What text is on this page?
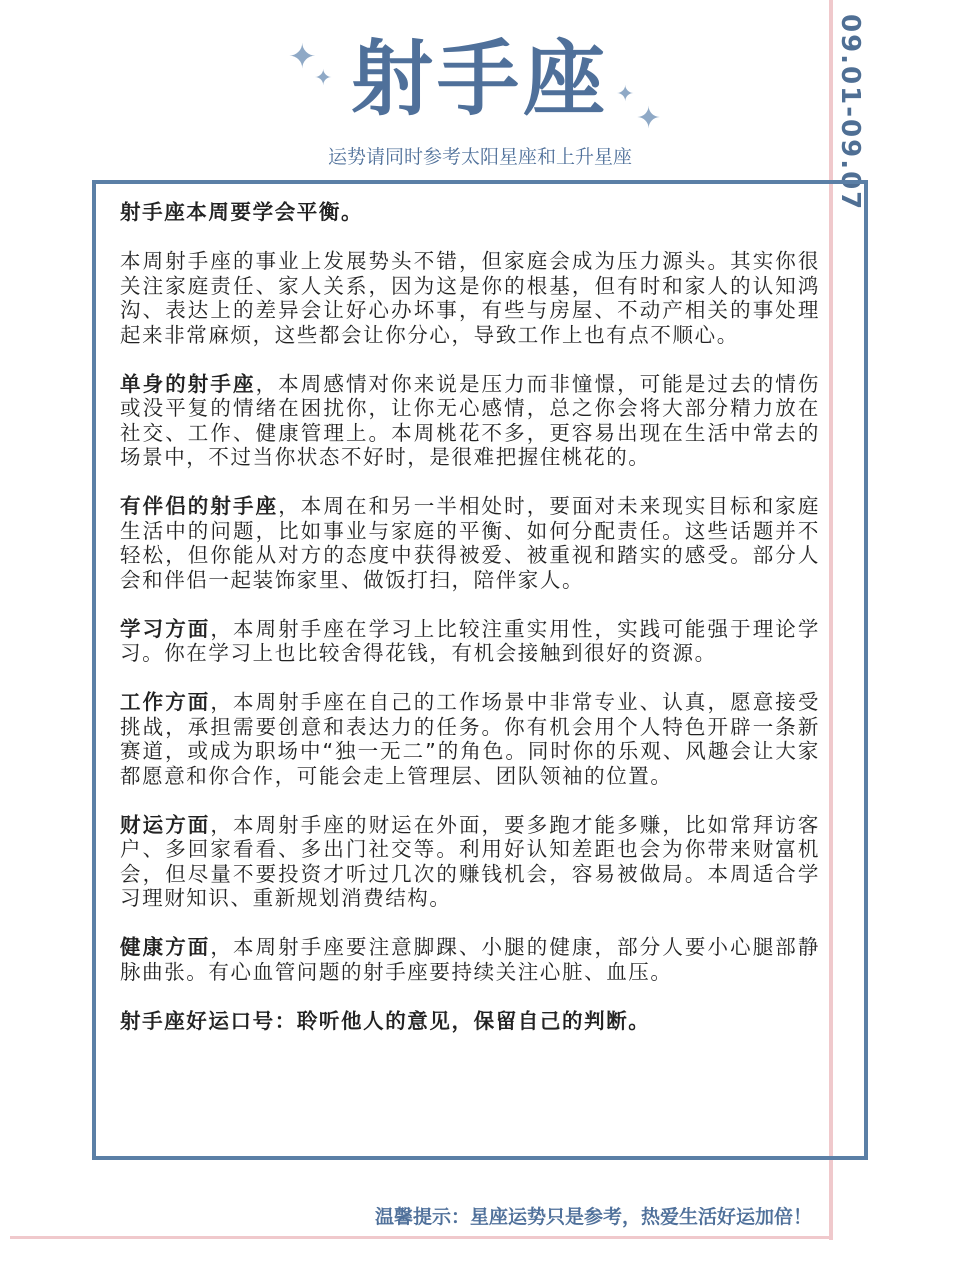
09.01-09.07
✦
✦
✦
✦
射手座
运势请同时参考太阳星座和上升星座

射手座本周要学会平衡。

本周射手座的事业上发展势头不错，但家庭会成为压力源头。其实你很关注家庭责任、家人关系，因为这是你的根基，但有时和家人的认知鸿沟、表达上的差异会让好心办坏事，有些与房屋、不动产相关的事处理起来非常麻烦，这些都会让你分心，导致工作上也有点不顺心。

单身的射手座，本周感情对你来说是压力而非憧憬，可能是过去的情伤或没平复的情绪在困扰你，让你无心感情，总之你会将大部分精力放在社交、工作、健康管理上。本周桃花不多，更容易出现在生活中常去的场景中，不过当你状态不好时，是很难把握住桃花的。

有伴侣的射手座，本周在和另一半相处时，要面对未来现实目标和家庭生活中的问题，比如事业与家庭的平衡、如何分配责任。这些话题并不轻松，但你能从对方的态度中获得被爱、被重视和踏实的感受。部分人会和伴侣一起装饰家里、做饭打扫，陪伴家人。

学习方面，本周射手座在学习上比较注重实用性，实践可能强于理论学习。你在学习上也比较舍得花钱，有机会接触到很好的资源。

工作方面，本周射手座在自己的工作场景中非常专业、认真，愿意接受挑战，承担需要创意和表达力的任务。你有机会用个人特色开辟一条新赛道，或成为职场中“独一无二”的角色。同时你的乐观、风趣会让大家都愿意和你合作，可能会走上管理层、团队领袖的位置。

财运方面，本周射手座的财运在外面，要多跑才能多赚，比如常拜访客户、多回家看看、多出门社交等。利用好认知差距也会为你带来财富机会，但尽量不要投资才听过几次的赚钱机会，容易被做局。本周适合学习理财知识、重新规划消费结构。

健康方面，本周射手座要注意脚踝、小腿的健康，部分人要小心腿部静脉曲张。有心血管问题的射手座要持续关注心脏、血压。

射手座好运口号：聆听他人的意见，保留自己的判断。

温馨提示：星座运势只是参考，热爱生活好运加倍！
